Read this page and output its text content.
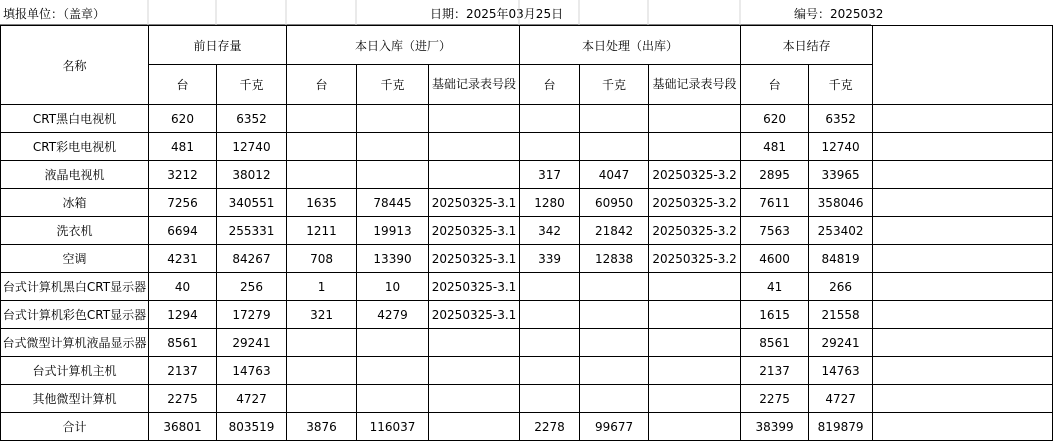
填报单位：（盖章）	日期：2025年03月25日	编号：2025032
名称	前日存量		本日入库（进厂）			本日处理（出库）			本日结存		
	台	千克	台	千克	基础记录表号段	台	千克	基础记录表号段	台	千克	
CRT黑白电视机	620	6352							620	6352	
CRT彩电电视机	481	12740							481	12740	
液晶电视机	3212	38012				317	4047	20250325-3.2	2895	33965	
冰箱	7256	340551	1635	78445	20250325-3.1	1280	60950	20250325-3.2	7611	358046	
洗衣机	6694	255331	1211	19913	20250325-3.1	342	21842	20250325-3.2	7563	253402	
空调	4231	84267	708	13390	20250325-3.1	339	12838	20250325-3.2	4600	84819	
台式计算机黑白CRT显示器	40	256	1	10	20250325-3.1				41	266	
台式计算机彩色CRT显示器	1294	17279	321	4279	20250325-3.1				1615	21558	
台式微型计算机液晶显示器	8561	29241							8561	29241	
台式计算机主机	2137	14763							2137	14763	
其他微型计算机	2275	4727							2275	4727	
合计	36801	803519	3876	116037		2278	99677		38399	819879	
